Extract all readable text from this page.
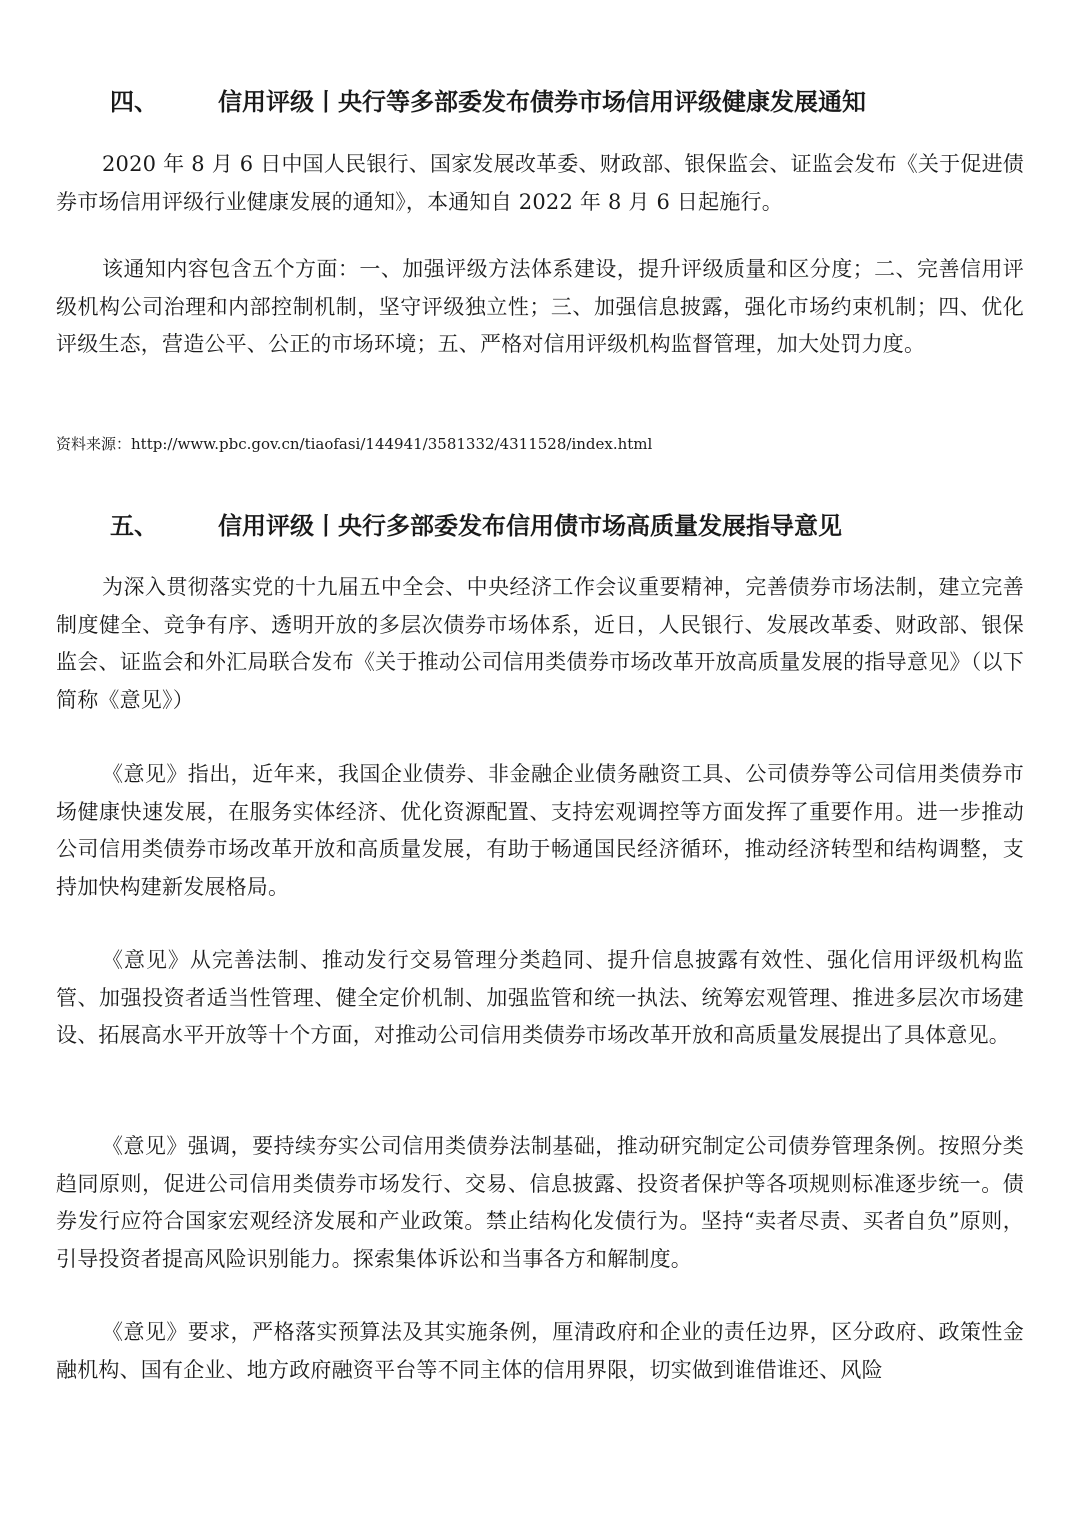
四、	信用评级丨央行等多部委发布债券市场信用评级健康发展通知

2020 年 8 月 6 日中国人民银行、国家发展改革委、财政部、银保监会、证监会发布《关于促进债券市场信用评级行业健康发展的通知》，本通知自 2022 年 8 月 6 日起施行。

该通知内容包含五个方面：一、加强评级方法体系建设，提升评级质量和区分度；二、完善信用评级机构公司治理和内部控制机制，坚守评级独立性；三、加强信息披露，强化市场约束机制；四、优化评级生态，营造公平、公正的市场环境；五、严格对信用评级机构监督管理，加大处罚力度。

资料来源：http://www.pbc.gov.cn/tiaofasi/144941/3581332/4311528/index.html
五、	信用评级丨央行多部委发布信用债市场高质量发展指导意见

为深入贯彻落实党的十九届五中全会、中央经济工作会议重要精神，完善债券市场法制，建立完善制度健全、竞争有序、透明开放的多层次债券市场体系，近日，人民银行、发展改革委、财政部、银保监会、证监会和外汇局联合发布《关于推动公司信用类债券市场改革开放高质量发展的指导意见》（以下简称《意见》）

《意见》指出，近年来，我国企业债券、非金融企业债务融资工具、公司债券等公司信用类债券市场健康快速发展，在服务实体经济、优化资源配置、支持宏观调控等方面发挥了重要作用。进一步推动公司信用类债券市场改革开放和高质量发展，有助于畅通国民经济循环，推动经济转型和结构调整，支持加快构建新发展格局。

《意见》从完善法制、推动发行交易管理分类趋同、提升信息披露有效性、强化信用评级机构监管、加强投资者适当性管理、健全定价机制、加强监管和统一执法、统筹宏观管理、推进多层次市场建设、拓展高水平开放等十个方面，对推动公司信用类债券市场改革开放和高质量发展提出了具体意见。

《意见》强调，要持续夯实公司信用类债券法制基础，推动研究制定公司债券管理条例。按照分类趋同原则，促进公司信用类债券市场发行、交易、信息披露、投资者保护等各项规则标准逐步统一。债券发行应符合国家宏观经济发展和产业政策。禁止结构化发债行为。坚持“卖者尽责、买者自负”原则，引导投资者提高风险识别能力。探索集体诉讼和当事各方和解制度。

《意见》要求，严格落实预算法及其实施条例，厘清政府和企业的责任边界，区分政府、政策性金融机构、国有企业、地方政府融资平台等不同主体的信用界限，切实做到谁借谁还、风险
